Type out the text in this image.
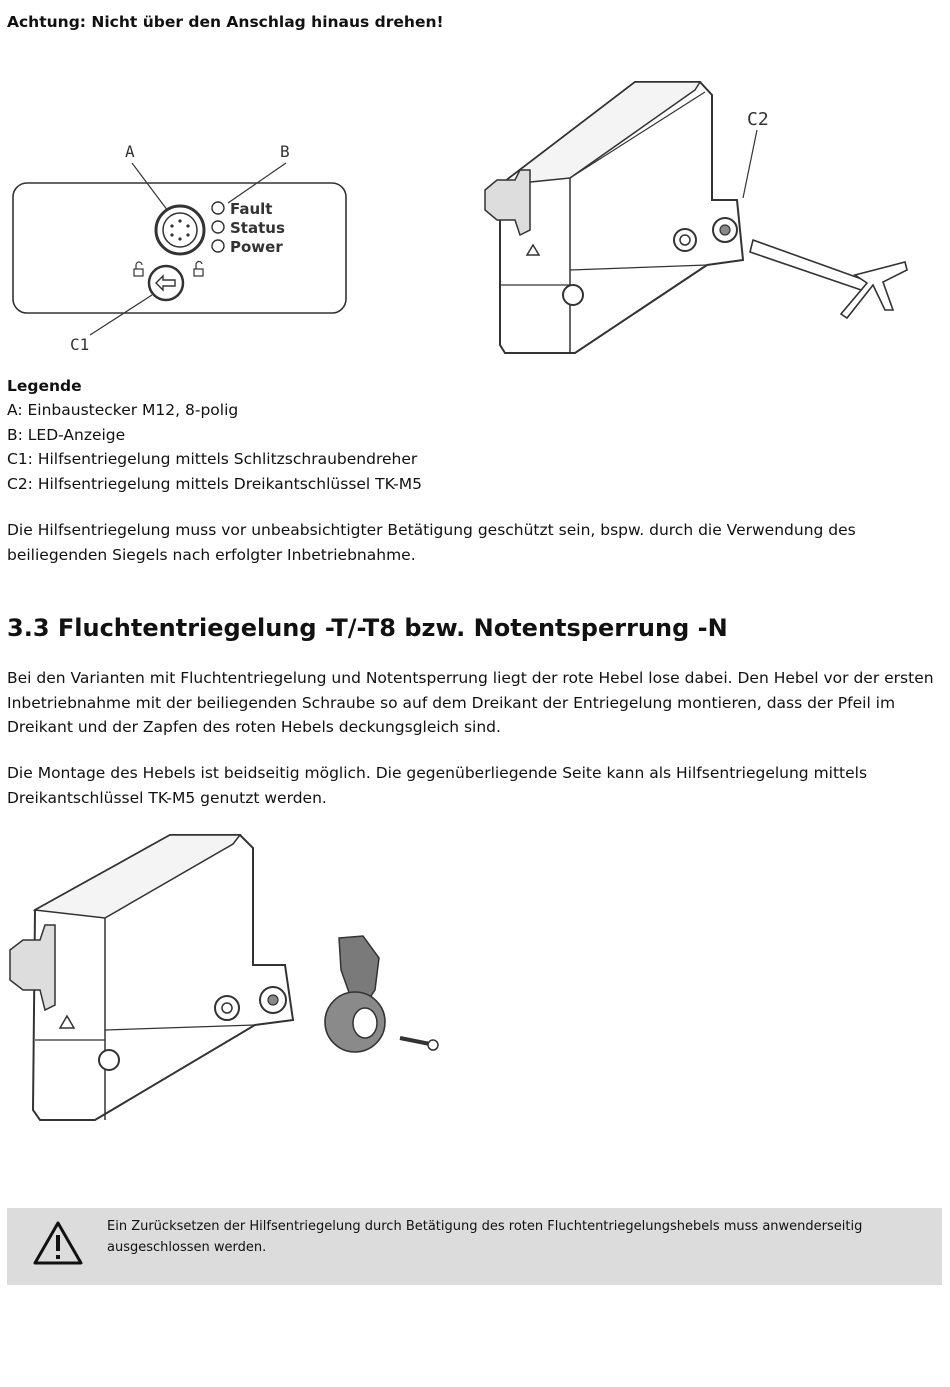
Achtung: Nicht über den Anschlag hinaus drehen!

A	B
Fault
Status
Power
C1
C2

Legende

A: Einbaustecker M12, 8-polig

B: LED-Anzeige

C1: Hilfsentriegelung mittels Schlitzschraubendreher

C2: Hilfsentriegelung mittels Dreikantschlüssel TK-M5

Die Hilfsentriegelung muss vor unbeabsichtigter Betätigung geschützt sein, bspw. durch die Verwendung des beiliegenden Siegels nach erfolgter Inbetriebnahme.

3.3 Fluchtentriegelung -T/-T8 bzw. Notentsperrung -N

Bei den Varianten mit Fluchtentriegelung und Notentsperrung liegt der rote Hebel lose dabei. Den Hebel vor der ersten Inbetriebnahme mit der beiliegenden Schraube so auf dem Dreikant der Entriegelung montieren, dass der Pfeil im Dreikant und der Zapfen des roten Hebels deckungsgleich sind.

Die Montage des Hebels ist beidseitig möglich. Die gegenüberliegende Seite kann als Hilfsentriegelung mittels Dreikantschlüssel TK-M5 genutzt werden.

Ein Zurücksetzen der Hilfsentriegelung durch Betätigung des roten Fluchtentriegelungshebels muss anwenderseitig ausgeschlossen werden.
